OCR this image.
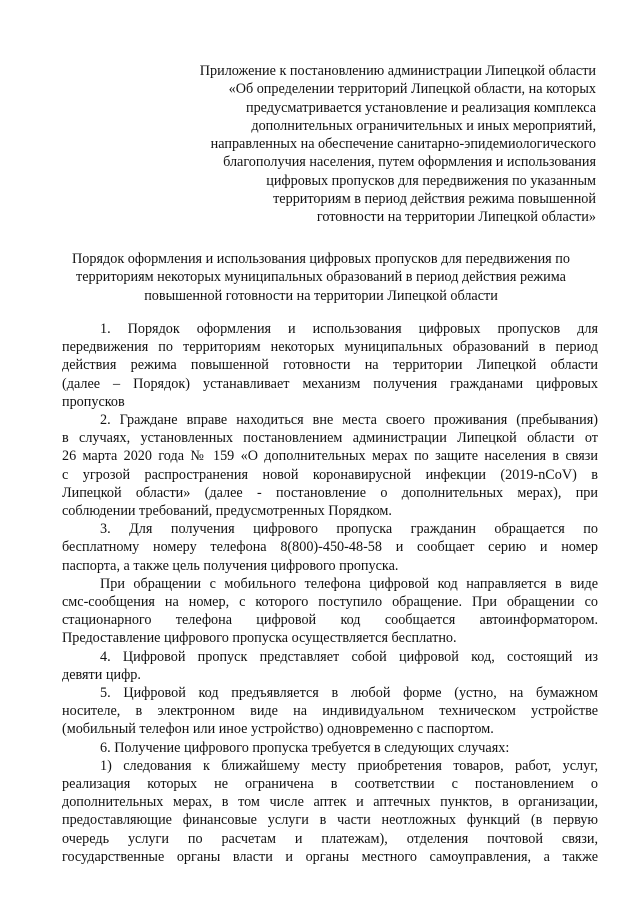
Приложение к постановлению администрации Липецкой области
«Об определении территорий Липецкой области, на которых
предусматривается установление и реализация комплекса
дополнительных ограничительных и иных мероприятий,
направленных на обеспечение санитарно-эпидемиологического
благополучия населения, путем оформления и использования
цифровых пропусков для передвижения по указанным
территориям в период действия режима повышенной
готовности на территории Липецкой области»
Порядок оформления и использования цифровых пропусков для передвижения по
территориям некоторых муниципальных образований в период действия режима
повышенной готовности на территории Липецкой области
1. Порядок оформления и использования цифровых пропусков для
передвижения по территориям некоторых муниципальных образований в период
действия режима повышенной готовности на территории Липецкой области
(далее – Порядок) устанавливает механизм получения гражданами цифровых
пропусков
2. Граждане вправе находиться вне места своего проживания (пребывания)
в случаях, установленных постановлением администрации Липецкой области от
26 марта 2020 года № 159 «О дополнительных мерах по защите населения в связи
с угрозой распространения новой коронавирусной инфекции (2019-nCoV) в
Липецкой области» (далее - постановление о дополнительных мерах), при
соблюдении требований, предусмотренных Порядком.
3. Для получения цифрового пропуска гражданин обращается по
бесплатному номеру телефона 8(800)-450-48-58 и сообщает серию и номер
паспорта, а также цель получения цифрового пропуска.
При обращении с мобильного телефона цифровой код направляется в виде
смс-сообщения на номер, с которого поступило обращение. При обращении со
стационарного телефона цифровой код сообщается автоинформатором.
Предоставление цифрового пропуска осуществляется бесплатно.
4. Цифровой пропуск представляет собой цифровой код, состоящий из
девяти цифр.
5. Цифровой код предъявляется в любой форме (устно, на бумажном
носителе, в электронном виде на индивидуальном техническом устройстве
(мобильный телефон или иное устройство) одновременно с паспортом.
6. Получение цифрового пропуска требуется в следующих случаях:
1) следования к ближайшему месту приобретения товаров, работ, услуг,
реализация которых не ограничена в соответствии с постановлением о
дополнительных мерах, в том числе аптек и аптечных пунктов, в организации,
предоставляющие финансовые услуги в части неотложных функций (в первую
очередь услуги по расчетам и платежам), отделения почтовой связи,
государственные органы власти и органы местного самоуправления, а также
